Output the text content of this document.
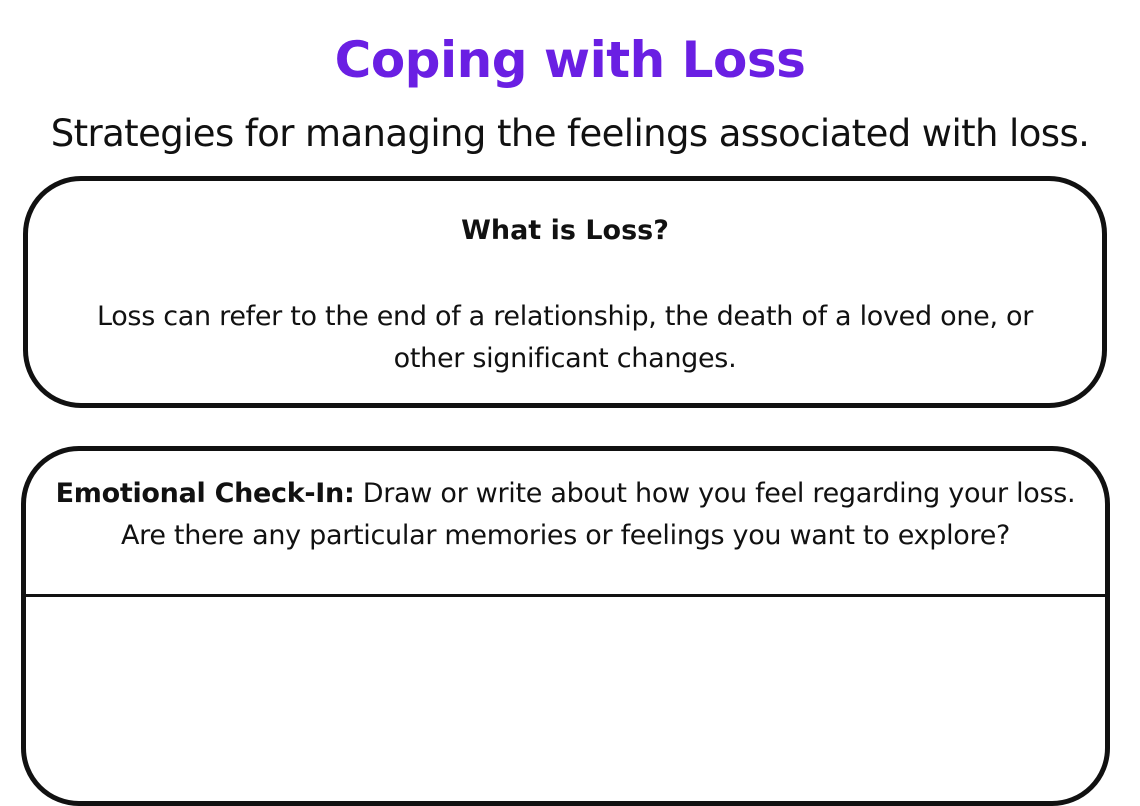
Coping with Loss
Strategies for managing the feelings associated with loss.
What is Loss?
Loss can refer to the end of a relationship, the death of a loved one, or other significant changes.
Emotional Check-In: Draw or write about how you feel regarding your loss. Are there any particular memories or feelings you want to explore?
